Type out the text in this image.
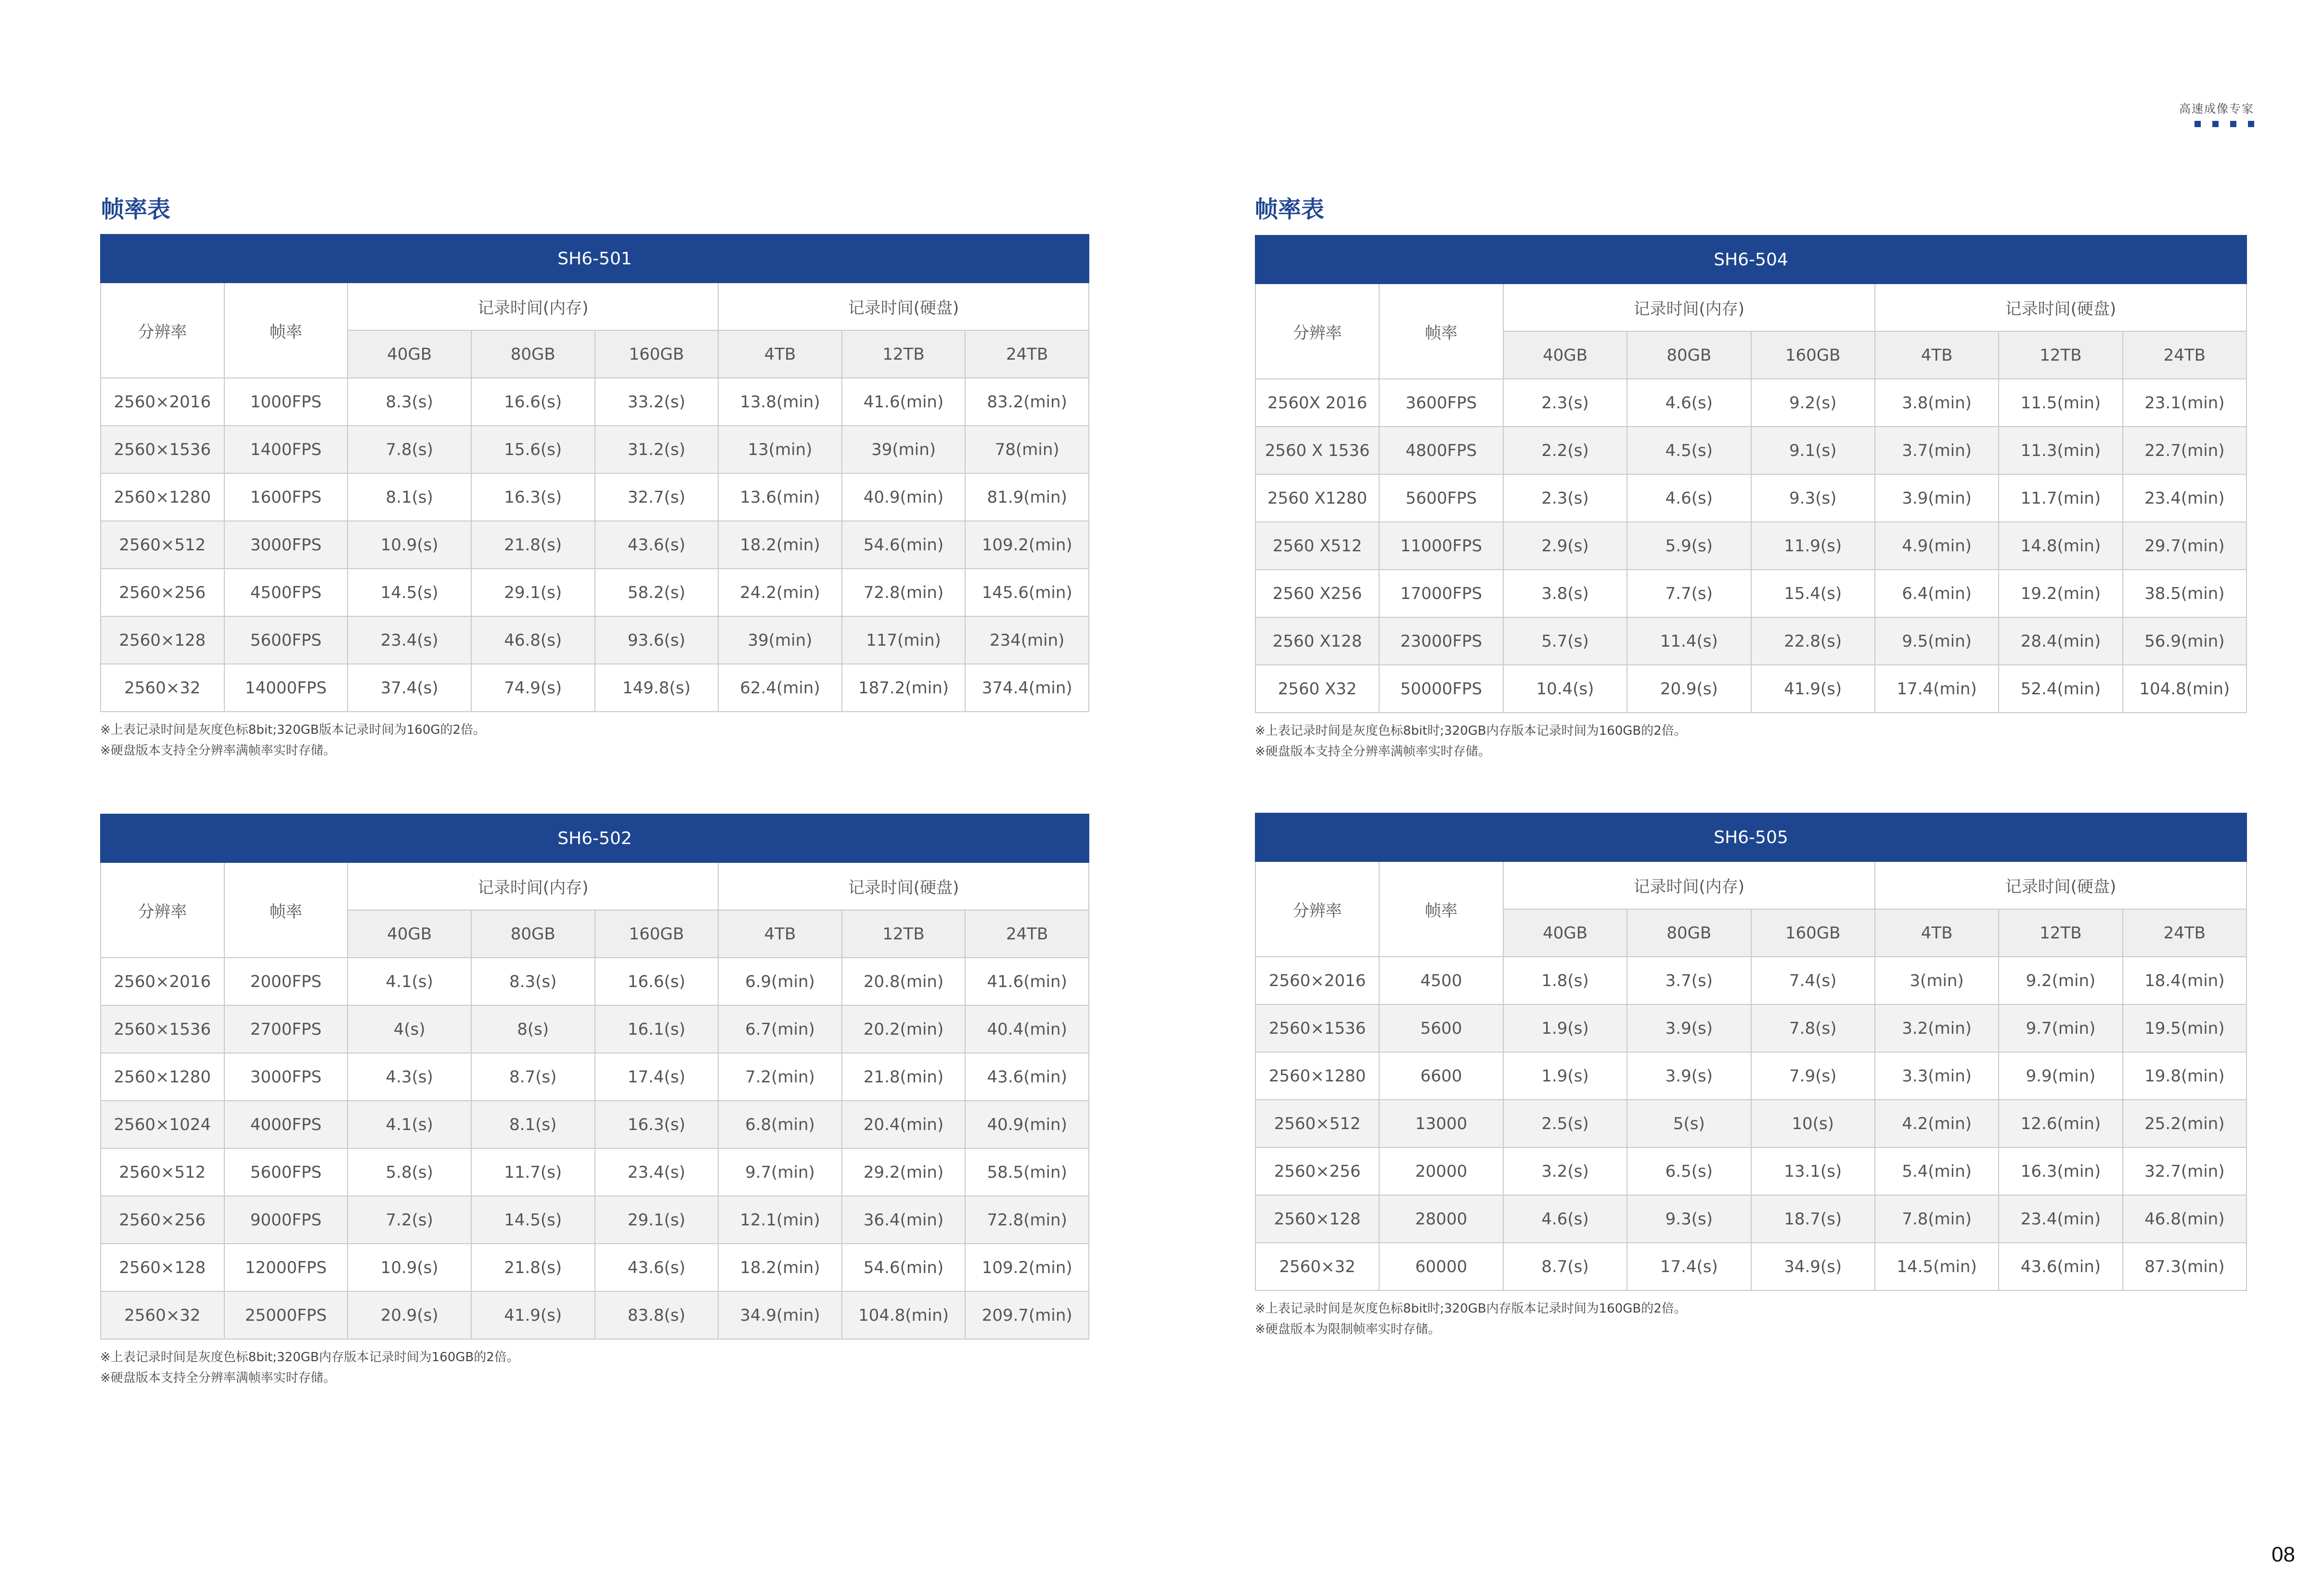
高速成像专家
帧率表	帧率表
SH6-501							
分辨率	帧率	记录时间(内存)			记录时间(硬盘)		
		40GB	80GB	160GB	4TB	12TB	24TB
2560×2016	1000FPS	8.3(s)	16.6(s)	33.2(s)	13.8(min)	41.6(min)	83.2(min)
2560×1536	1400FPS	7.8(s)	15.6(s)	31.2(s)	13(min)	39(min)	78(min)
2560×1280	1600FPS	8.1(s)	16.3(s)	32.7(s)	13.6(min)	40.9(min)	81.9(min)
2560×512	3000FPS	10.9(s)	21.8(s)	43.6(s)	18.2(min)	54.6(min)	109.2(min)
2560×256	4500FPS	14.5(s)	29.1(s)	58.2(s)	24.2(min)	72.8(min)	145.6(min)
2560×128	5600FPS	23.4(s)	46.8(s)	93.6(s)	39(min)	117(min)	234(min)
2560×32	14000FPS	37.4(s)	74.9(s)	149.8(s)	62.4(min)	187.2(min)	374.4(min)
※上表记录时间是灰度色标8bit;320GB版本记录时间为160G的2倍。
※硬盘版本支持全分辨率满帧率实时存储。
SH6-504							
分辨率	帧率	记录时间(内存)			记录时间(硬盘)		
		40GB	80GB	160GB	4TB	12TB	24TB
2560X 2016	3600FPS	2.3(s)	4.6(s)	9.2(s)	3.8(min)	11.5(min)	23.1(min)
2560 X 1536	4800FPS	2.2(s)	4.5(s)	9.1(s)	3.7(min)	11.3(min)	22.7(min)
2560 X1280	5600FPS	2.3(s)	4.6(s)	9.3(s)	3.9(min)	11.7(min)	23.4(min)
2560 X512	11000FPS	2.9(s)	5.9(s)	11.9(s)	4.9(min)	14.8(min)	29.7(min)
2560 X256	17000FPS	3.8(s)	7.7(s)	15.4(s)	6.4(min)	19.2(min)	38.5(min)
2560 X128	23000FPS	5.7(s)	11.4(s)	22.8(s)	9.5(min)	28.4(min)	56.9(min)
2560 X32	50000FPS	10.4(s)	20.9(s)	41.9(s)	17.4(min)	52.4(min)	104.8(min)
※上表记录时间是灰度色标8bit时;320GB内存版本记录时间为160GB的2倍。
※硬盘版本支持全分辨率满帧率实时存储。
SH6-502							
分辨率	帧率	记录时间(内存)			记录时间(硬盘)		
		40GB	80GB	160GB	4TB	12TB	24TB
2560×2016	2000FPS	4.1(s)	8.3(s)	16.6(s)	6.9(min)	20.8(min)	41.6(min)
2560×1536	2700FPS	4(s)	8(s)	16.1(s)	6.7(min)	20.2(min)	40.4(min)
2560×1280	3000FPS	4.3(s)	8.7(s)	17.4(s)	7.2(min)	21.8(min)	43.6(min)
2560×1024	4000FPS	4.1(s)	8.1(s)	16.3(s)	6.8(min)	20.4(min)	40.9(min)
2560×512	5600FPS	5.8(s)	11.7(s)	23.4(s)	9.7(min)	29.2(min)	58.5(min)
2560×256	9000FPS	7.2(s)	14.5(s)	29.1(s)	12.1(min)	36.4(min)	72.8(min)
2560×128	12000FPS	10.9(s)	21.8(s)	43.6(s)	18.2(min)	54.6(min)	109.2(min)
2560×32	25000FPS	20.9(s)	41.9(s)	83.8(s)	34.9(min)	104.8(min)	209.7(min)
※上表记录时间是灰度色标8bit;320GB内存版本记录时间为160GB的2倍。
※硬盘版本支持全分辨率满帧率实时存储。
SH6-505							
分辨率	帧率	记录时间(内存)			记录时间(硬盘)		
		40GB	80GB	160GB	4TB	12TB	24TB
2560×2016	4500	1.8(s)	3.7(s)	7.4(s)	3(min)	9.2(min)	18.4(min)
2560×1536	5600	1.9(s)	3.9(s)	7.8(s)	3.2(min)	9.7(min)	19.5(min)
2560×1280	6600	1.9(s)	3.9(s)	7.9(s)	3.3(min)	9.9(min)	19.8(min)
2560×512	13000	2.5(s)	5(s)	10(s)	4.2(min)	12.6(min)	25.2(min)
2560×256	20000	3.2(s)	6.5(s)	13.1(s)	5.4(min)	16.3(min)	32.7(min)
2560×128	28000	4.6(s)	9.3(s)	18.7(s)	7.8(min)	23.4(min)	46.8(min)
2560×32	60000	8.7(s)	17.4(s)	34.9(s)	14.5(min)	43.6(min)	87.3(min)
※上表记录时间是灰度色标8bit时;320GB内存版本记录时间为160GB的2倍。
※硬盘版本为限制帧率实时存储。
08
